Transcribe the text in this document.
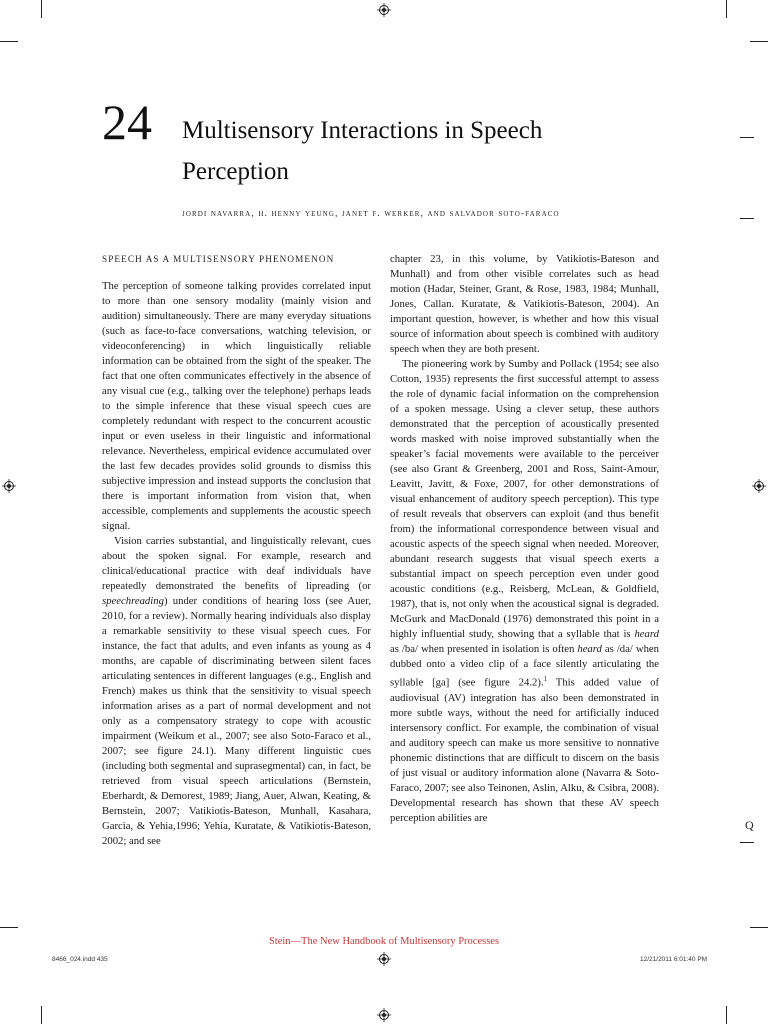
24 Multisensory Interactions in Speech Perception
jordi navarra, h. henny yeung, janet f. werker, and salvador soto-faraco
SPEECH AS A MULTISENSORY PHENOMENON

The perception of someone talking provides correlated input to more than one sensory modality (mainly vision and audition) simultaneously. There are many everyday situations (such as face-to-face conversations, watching television, or videoconferencing) in which linguistically reliable information can be obtained from the sight of the speaker. The fact that one often communicates effectively in the absence of any visual cue (e.g., talking over the telephone) perhaps leads to the simple inference that these visual speech cues are completely redundant with respect to the concurrent acoustic input or even useless in their linguistic and informational relevance. Nevertheless, empirical evidence accumulated over the last few decades provides solid grounds to dismiss this subjective impression and instead supports the conclusion that there is important information from vision that, when accessible, complements and supplements the acoustic speech signal.

Vision carries substantial, and linguistically relevant, cues about the spoken signal. For example, research and clinical/educational practice with deaf individuals have repeatedly demonstrated the benefits of lipreading (or speechreading) under conditions of hearing loss (see Auer, 2010, for a review). Normally hearing individuals also display a remarkable sensitivity to these visual speech cues. For instance, the fact that adults, and even infants as young as 4 months, are capable of discriminating between silent faces articulating sentences in different languages (e.g., English and French) makes us think that the sensitivity to visual speech information arises as a part of normal development and not only as a compensatory strategy to cope with acoustic impairment (Weikum et al., 2007; see also Soto-Faraco et al., 2007; see figure 24.1). Many different linguistic cues (including both segmental and suprasegmental) can, in fact, be retrieved from visual speech articulations (Bernstein, Eberhardt, & Demorest, 1989; Jiang, Auer, Alwan, Keating, & Bernstein, 2007; Vatikiotis-Bateson, Munhall, Kasahara, Garcia, & Yehia,1996; Yehia, Kuratate, & Vatikiotis-Bateson, 2002; and see

chapter 23, in this volume, by Vatikiotis-Bateson and Munhall) and from other visible correlates such as head motion (Hadar, Steiner, Grant, & Rose, 1983, 1984; Munhall, Jones, Callan. Kuratate, & Vatikiotis-Bateson, 2004). An important question, however, is whether and how this visual source of information about speech is combined with auditory speech when they are both present.

The pioneering work by Sumby and Pollack (1954; see also Cotton, 1935) represents the first successful attempt to assess the role of dynamic facial information on the comprehension of a spoken message. Using a clever setup, these authors demonstrated that the perception of acoustically presented words masked with noise improved substantially when the speaker’s facial movements were available to the perceiver (see also Grant & Greenberg, 2001 and Ross, Saint-Amour, Leavitt, Javitt, & Foxe, 2007, for other demonstrations of visual enhancement of auditory speech perception). This type of result reveals that observers can exploit (and thus benefit from) the informational correspondence between visual and acoustic aspects of the speech signal when needed. Moreover, abundant research suggests that visual speech exerts a substantial impact on speech perception even under good acoustic conditions (e.g., Reisberg, McLean, & Goldfield, 1987), that is, not only when the acoustical signal is degraded. McGurk and MacDonald (1976) demonstrated this point in a highly influential study, showing that a syllable that is heard as /ba/ when presented in isolation is often heard as /da/ when dubbed onto a video clip of a face silently articulating the syllable [ga] (see figure 24.2).$^1$ This added value of audiovisual (AV) integration has also been demonstrated in more subtle ways, without the need for artificially induced intersensory conflict. For example, the combination of visual and auditory speech can make us more sensitive to nonnative phonemic distinctions that are difficult to discern on the basis of just visual or auditory information alone (Navarra & Soto-Faraco, 2007; see also Teinonen, Aslin, Alku, & Csibra, 2008). Developmental research has shown that these AV speech perception abilities are

Q
Stein—The New Handbook of Multisensory Processes
8466_024.indd 435	12/21/2011 6:01:40 PM
